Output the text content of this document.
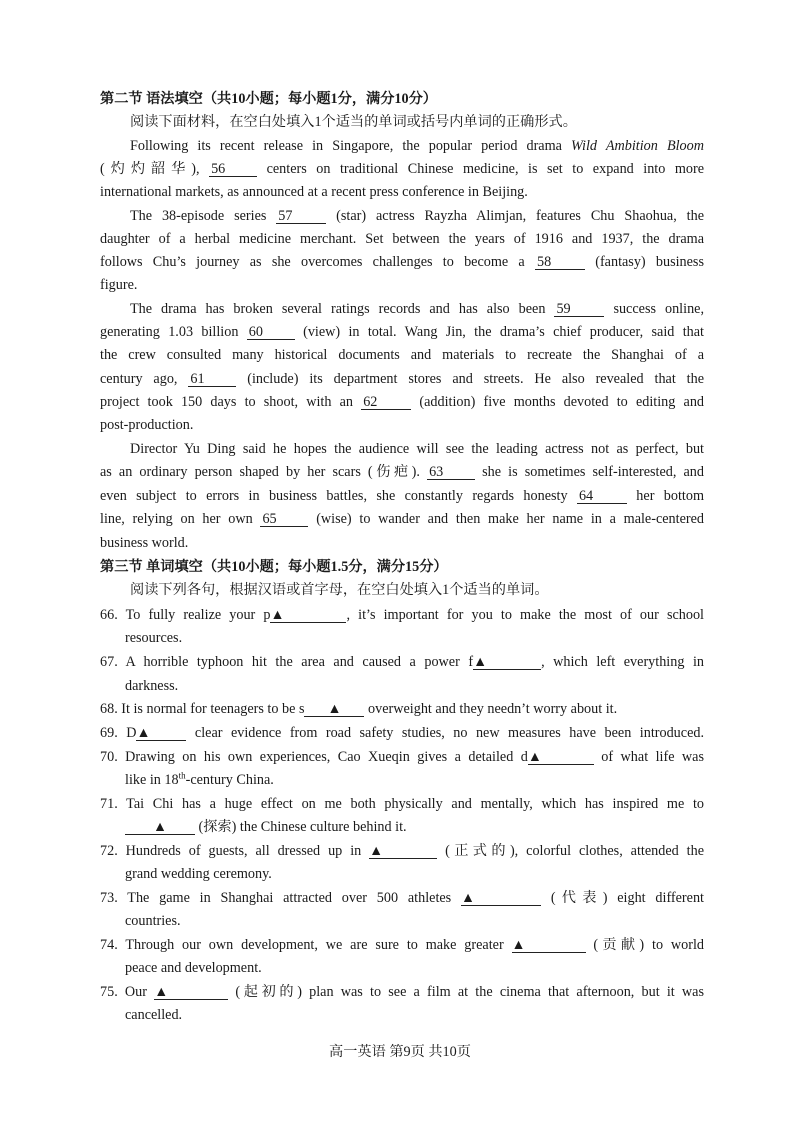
第二节 语法填空（共10小题；每小题1分，满分10分）
阅读下面材料，在空白处填入1个适当的单词或括号内单词的正确形式。
Following its recent release in Singapore, the popular period drama Wild Ambition Bloom
(灼灼韶华), 56 centers on traditional Chinese medicine, is set to expand into more
international markets, as announced at a recent press conference in Beijing.
The 38-episode series 57 (star) actress Rayzha Alimjan, features Chu Shaohua, the
daughter of a herbal medicine merchant. Set between the years of 1916 and 1937, the drama
follows Chu’s journey as she overcomes challenges to become a 58 (fantasy) business
figure.
The drama has broken several ratings records and has also been 59 success online,
generating 1.03 billion 60 (view) in total. Wang Jin, the drama’s chief producer, said that
the crew consulted many historical documents and materials to recreate the Shanghai of a
century ago, 61 (include) its department stores and streets. He also revealed that the
project took 150 days to shoot, with an 62 (addition) five months devoted to editing and
post-production.
Director Yu Ding said he hopes the audience will see the leading actress not as perfect, but
as an ordinary person shaped by her scars (伤疤). 63 she is sometimes self-interested, and
even subject to errors in business battles, she constantly regards honesty 64 her bottom
line, relying on her own 65 (wise) to wander and then make her name in a male-centered
business world.
第三节 单词填空（共10小题；每小题1.5分，满分15分）
阅读下列各句，根据汉语或首字母，在空白处填入1个适当的单词。
66. To fully realize your p▲	, it’s important for you to make the most of our school
resources.
67. A horrible typhoon hit the area and caused a power f▲	, which left everything in
darkness.
68. It is normal for teenagers to be s ▲ overweight and they needn’t worry about it.
69. D▲	clear evidence from road safety studies, no new measures have been introduced.
70. Drawing on his own experiences, Cao Xueqin gives a detailed d▲	of what life was
like in 18th-century China.
71. Tai Chi has a huge effect on me both physically and mentally, which has inspired me to
▲ (探索) the Chinese culture behind it.
72. Hundreds of guests, all dressed up in ▲	(正式的), colorful clothes, attended the
grand wedding ceremony.
73. The game in Shanghai attracted over 500 athletes ▲	(代表) eight different
countries.
74. Through our own development, we are sure to make greater ▲	(贡献) to world
peace and development.
75. Our ▲	(起初的) plan was to see a film at the cinema that afternoon, but it was
cancelled.
高一英语 第9页 共10页
